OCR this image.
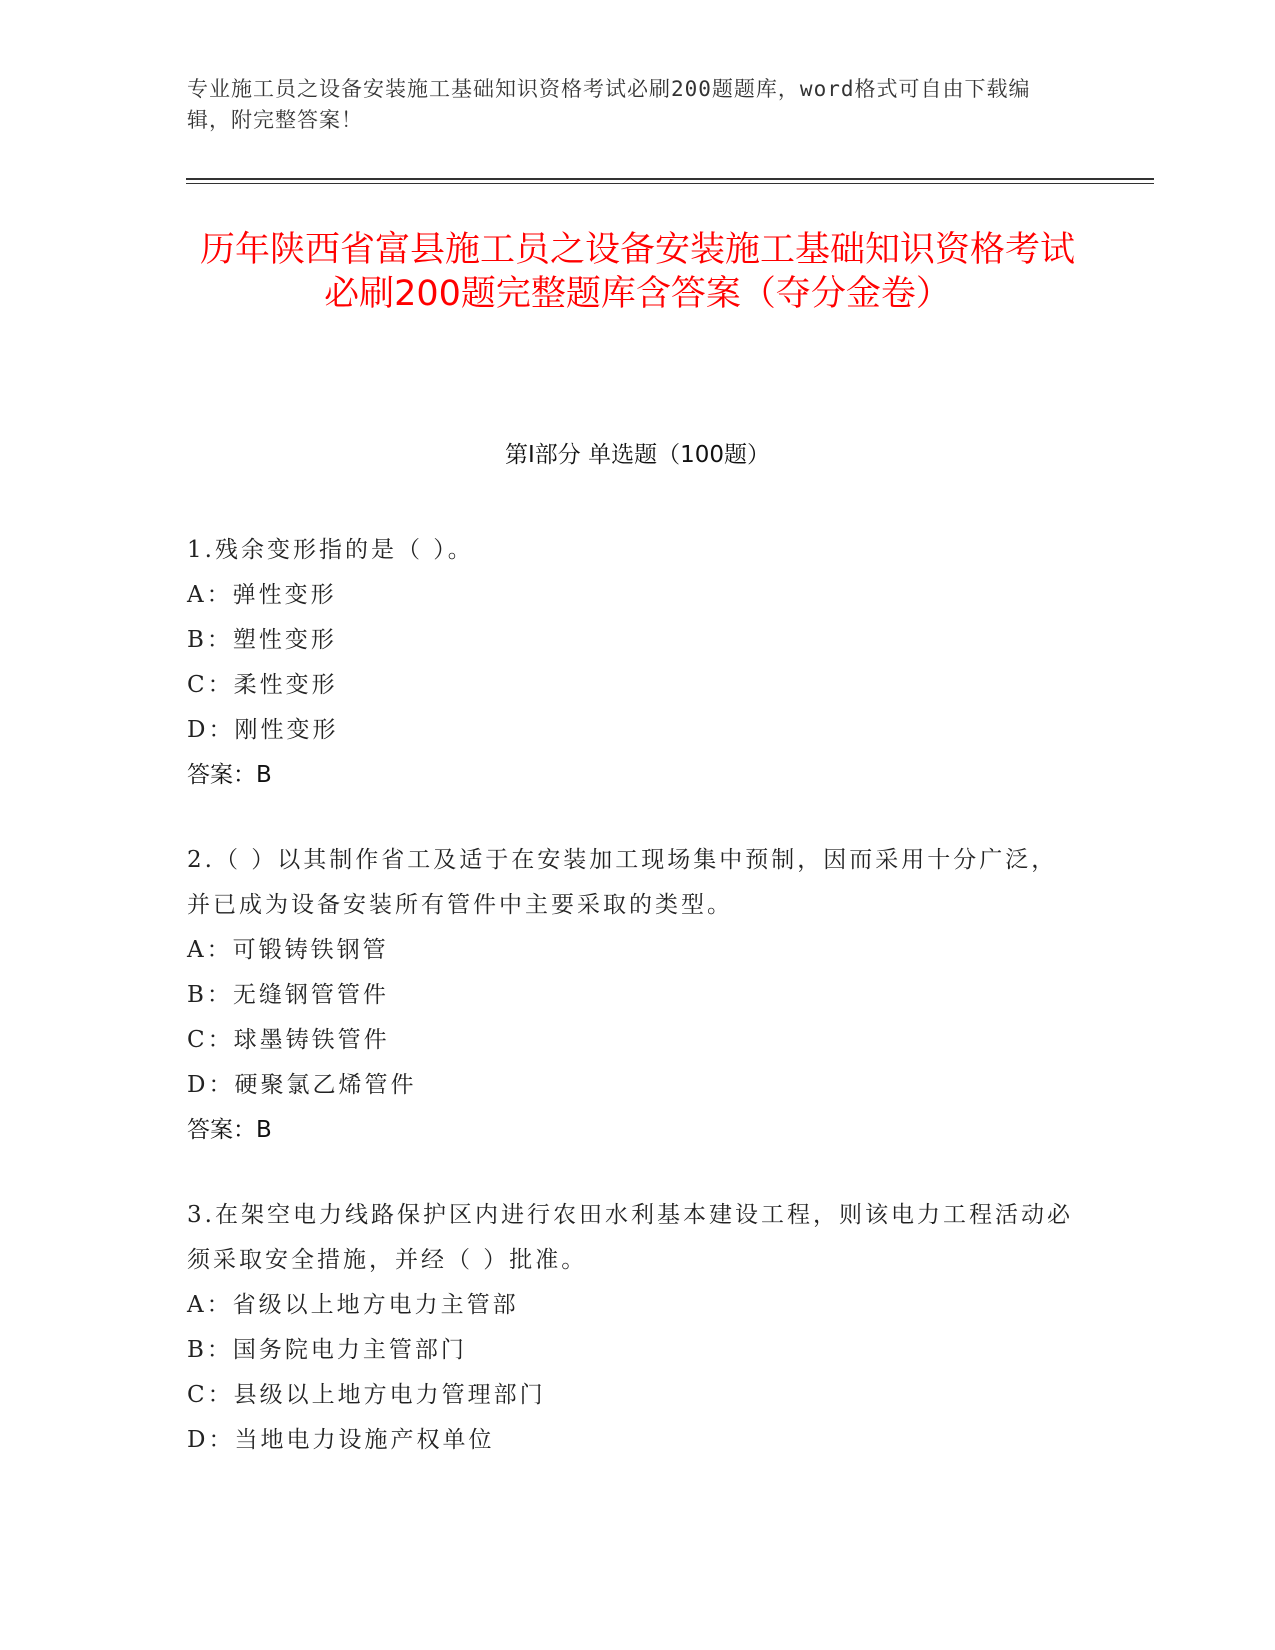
专业施工员之设备安装施工基础知识资格考试必刷200题题库，word格式可自由下载编辑，附完整答案！
历年陕西省富县施工员之设备安装施工基础知识资格考试必刷200题完整题库含答案（夺分金卷）
第I部分 单选题（100题）
1.残余变形指的是（ ）。
A：弹性变形
B：塑性变形
C：柔性变形
D：刚性变形
答案：B
2.（ ）以其制作省工及适于在安装加工现场集中预制，因而采用十分广泛，并已成为设备安装所有管件中主要采取的类型。
A：可锻铸铁钢管
B：无缝钢管管件
C：球墨铸铁管件
D：硬聚氯乙烯管件
答案：B
3.在架空电力线路保护区内进行农田水利基本建设工程，则该电力工程活动必须采取安全措施，并经（ ）批准。
A：省级以上地方电力主管部
B：国务院电力主管部门
C：县级以上地方电力管理部门
D：当地电力设施产权单位
